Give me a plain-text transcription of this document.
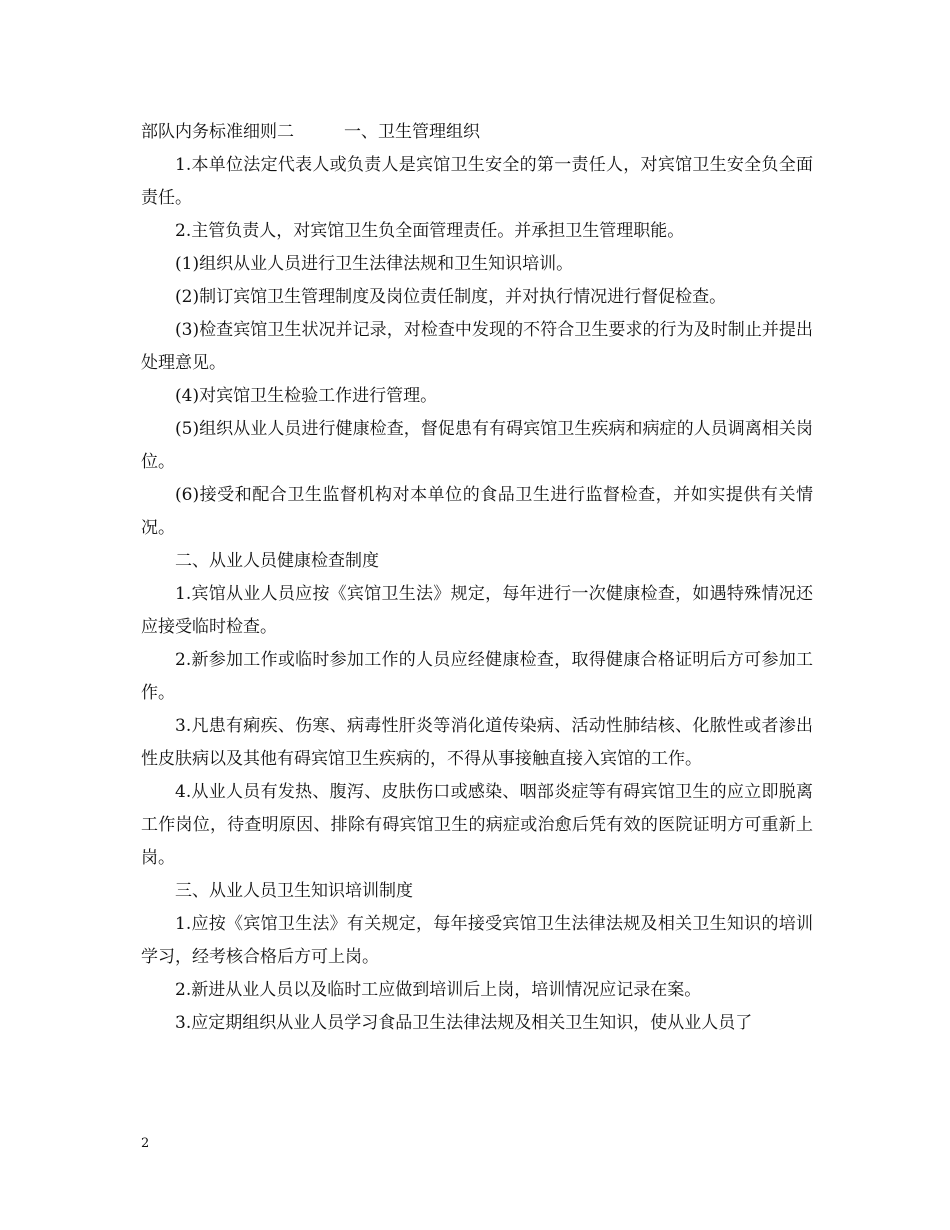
部队内务标准细则二	一、卫生管理组织

1.本单位法定代表人或负责人是宾馆卫生安全的第一责任人，对宾馆卫生安全负全面责任。

2.主管负责人，对宾馆卫生负全面管理责任。并承担卫生管理职能。

(1)组织从业人员进行卫生法律法规和卫生知识培训。

(2)制订宾馆卫生管理制度及岗位责任制度，并对执行情况进行督促检查。

(3)检查宾馆卫生状况并记录，对检查中发现的不符合卫生要求的行为及时制止并提出处理意见。

(4)对宾馆卫生检验工作进行管理。

(5)组织从业人员进行健康检查，督促患有有碍宾馆卫生疾病和病症的人员调离相关岗位。

(6)接受和配合卫生监督机构对本单位的食品卫生进行监督检查，并如实提供有关情况。

二、从业人员健康检查制度

1.宾馆从业人员应按《宾馆卫生法》规定，每年进行一次健康检查，如遇特殊情况还应接受临时检查。

2.新参加工作或临时参加工作的人员应经健康检查，取得健康合格证明后方可参加工作。

3.凡患有痢疾、伤寒、病毒性肝炎等消化道传染病、活动性肺结核、化脓性或者渗出性皮肤病以及其他有碍宾馆卫生疾病的，不得从事接触直接入宾馆的工作。

4.从业人员有发热、腹泻、皮肤伤口或感染、咽部炎症等有碍宾馆卫生的应立即脱离工作岗位，待查明原因、排除有碍宾馆卫生的病症或治愈后凭有效的医院证明方可重新上岗。

三、从业人员卫生知识培训制度

1.应按《宾馆卫生法》有关规定，每年接受宾馆卫生法律法规及相关卫生知识的培训学习，经考核合格后方可上岗。

2.新进从业人员以及临时工应做到培训后上岗，培训情况应记录在案。

3.应定期组织从业人员学习食品卫生法律法规及相关卫生知识，使从业人员了

2
